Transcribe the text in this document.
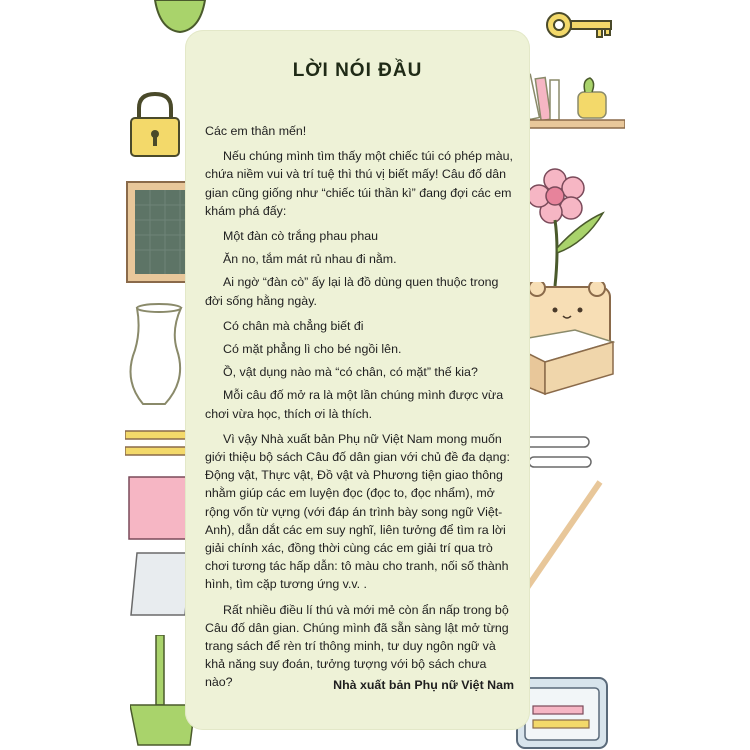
LỜI NÓI ĐẦU

Các em thân mến!

Nếu chúng mình tìm thấy một chiếc túi có phép màu, chứa niềm vui và trí tuệ thì thú vị biết mấy! Câu đố dân gian cũng giống như “chiếc túi thần kì” đang đợi các em khám phá đấy:

Một đàn cò trắng phau phau

Ăn no, tắm mát rủ nhau đi nằm.

Ai ngờ “đàn cò” ấy lại là đồ dùng quen thuộc trong đời sống hằng ngày.

Có chân mà chẳng biết đi

Có mặt phẳng lì cho bé ngồi lên.

Ồ, vật dụng nào mà “có chân, có mặt” thế kia?

Mỗi câu đố mở ra là một lần chúng mình được vừa chơi vừa học, thích ơi là thích.

Vì vậy Nhà xuất bản Phụ nữ Việt Nam mong muốn giới thiệu bộ sách Câu đố dân gian với chủ đề đa dạng: Động vật, Thực vật, Đồ vật và Phương tiện giao thông nhằm giúp các em luyện đọc (đọc to, đọc nhẩm), mở rộng vốn từ vựng (với đáp án trình bày song ngữ Việt-Anh), dẫn dắt các em suy nghĩ, liên tưởng để tìm ra lời giải chính xác, đồng thời cùng các em giải trí qua trò chơi tương tác hấp dẫn: tô màu cho tranh, nối số thành hình, tìm cặp tương ứng v.v. .

Rất nhiều điều lí thú và mới mẻ còn ẩn nấp trong bộ Câu đố dân gian. Chúng mình đã sẵn sàng lật mở từng trang sách để rèn trí thông minh, tư duy ngôn ngữ và khả năng suy đoán, tưởng tượng với bộ sách chưa nào?	Nhà xuất bản Phụ nữ Việt Nam
